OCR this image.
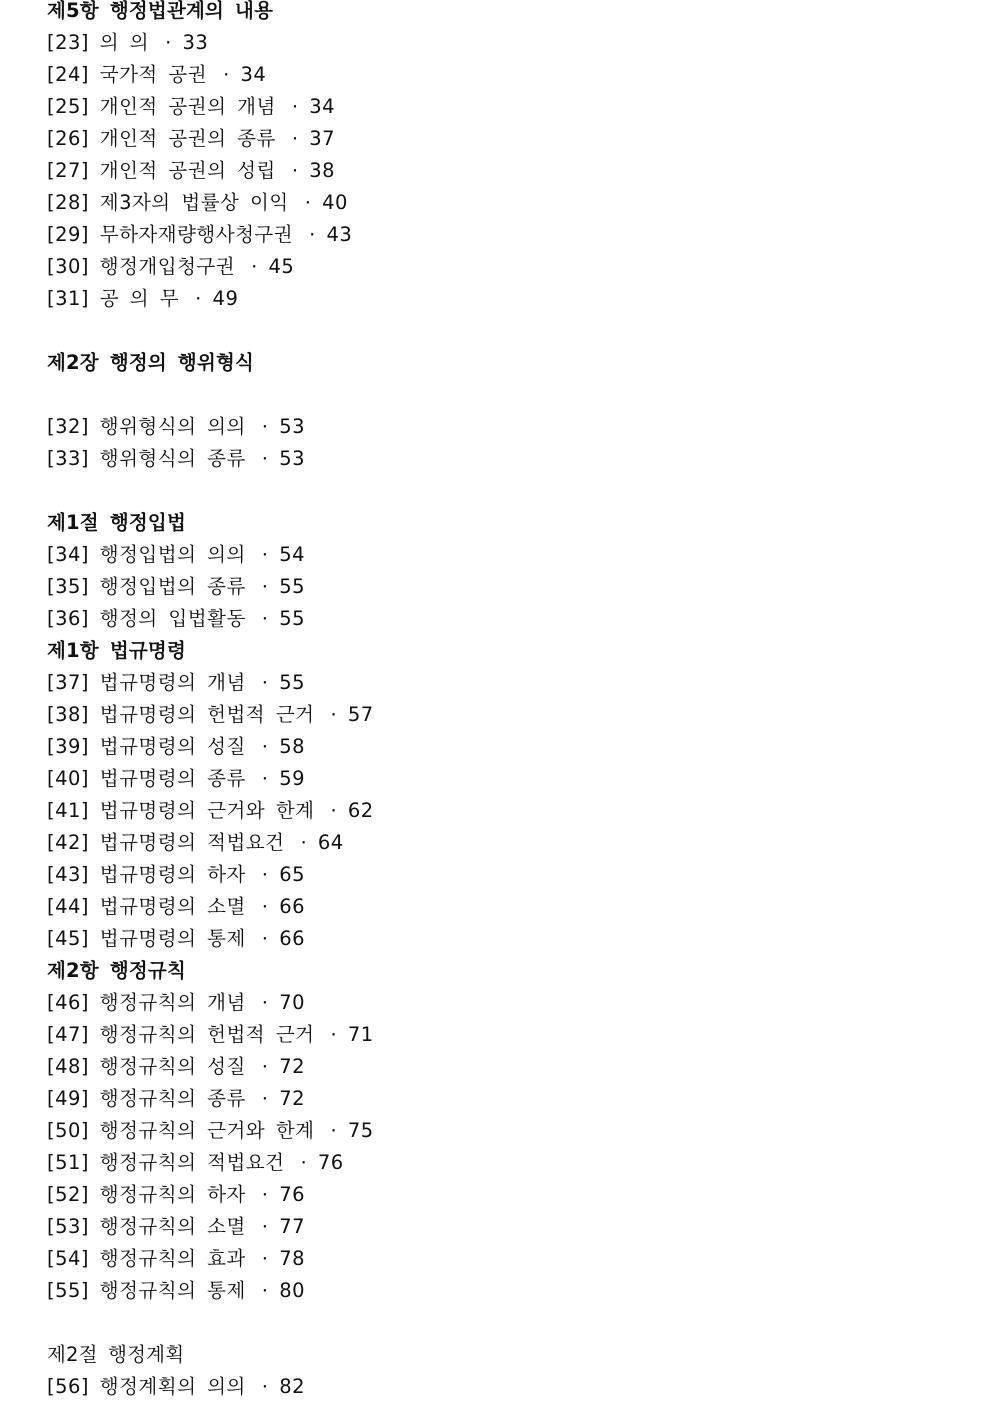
제5항 행정법관계의 내용
[23] 의 의 · 33
[24] 국가적 공권 · 34
[25] 개인적 공권의 개념 · 34
[26] 개인적 공권의 종류 · 37
[27] 개인적 공권의 성립 · 38
[28] 제3자의 법률상 이익 · 40
[29] 무하자재량행사청구권 · 43
[30] 행정개입청구권 · 45
[31] 공 의 무 · 49
제2장 행정의 행위형식
[32] 행위형식의 의의 · 53
[33] 행위형식의 종류 · 53
제1절 행정입법
[34] 행정입법의 의의 · 54
[35] 행정입법의 종류 · 55
[36] 행정의 입법활동 · 55
제1항 법규명령
[37] 법규명령의 개념 · 55
[38] 법규명령의 헌법적 근거 · 57
[39] 법규명령의 성질 · 58
[40] 법규명령의 종류 · 59
[41] 법규명령의 근거와 한계 · 62
[42] 법규명령의 적법요건 · 64
[43] 법규명령의 하자 · 65
[44] 법규명령의 소멸 · 66
[45] 법규명령의 통제 · 66
제2항 행정규칙
[46] 행정규칙의 개념 · 70
[47] 행정규칙의 헌법적 근거 · 71
[48] 행정규칙의 성질 · 72
[49] 행정규칙의 종류 · 72
[50] 행정규칙의 근거와 한계 · 75
[51] 행정규칙의 적법요건 · 76
[52] 행정규칙의 하자 · 76
[53] 행정규칙의 소멸 · 77
[54] 행정규칙의 효과 · 78
[55] 행정규칙의 통제 · 80
제2절 행정계획
[56] 행정계획의 의의 · 82
